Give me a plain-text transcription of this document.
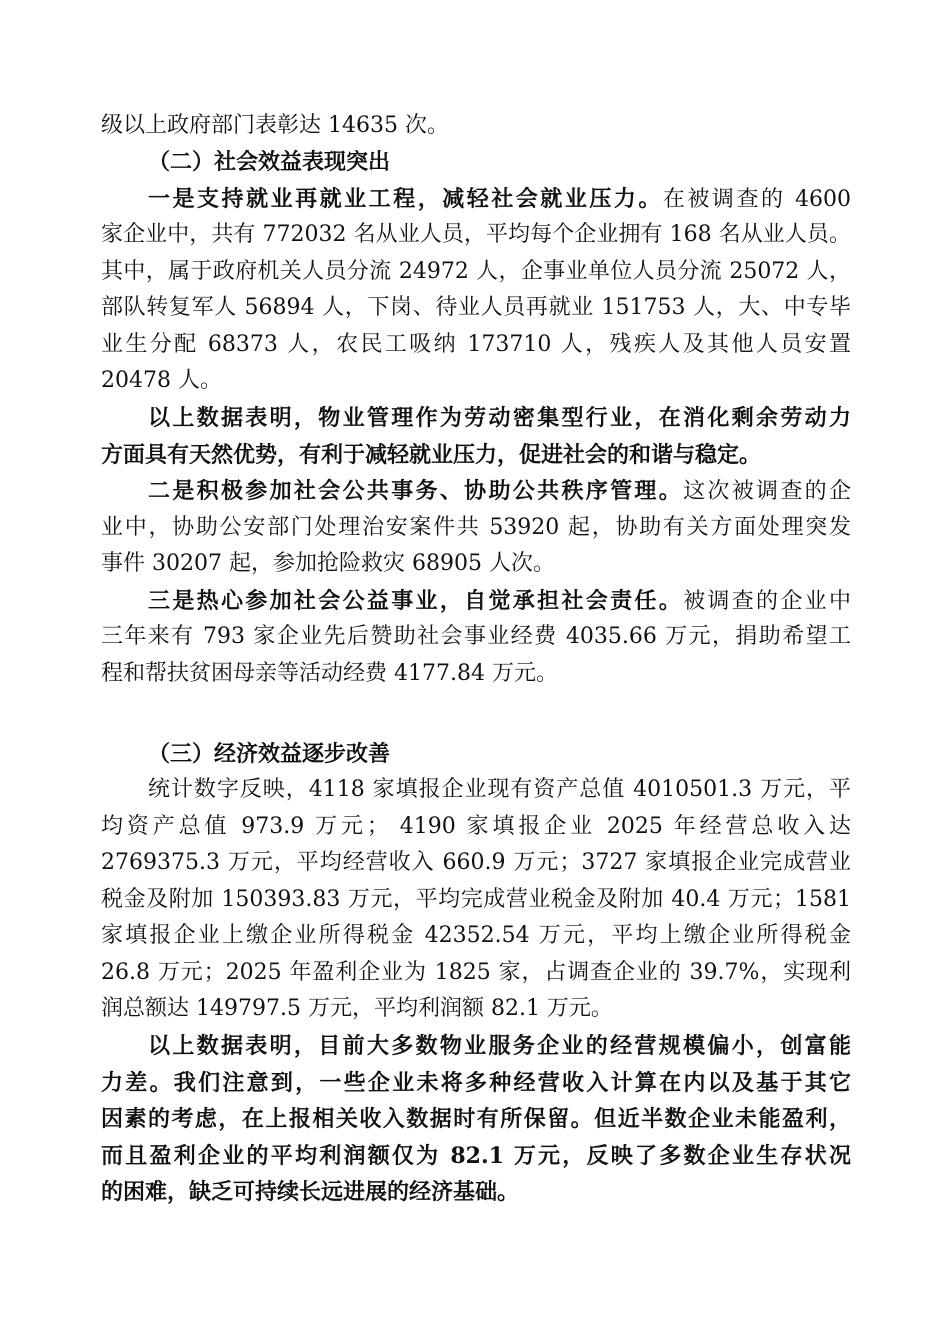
级以上政府部门表彰达 14635 次。
（二）社会效益表现突出
一是支持就业再就业工程，减轻社会就业压力。在被调查的 4600
家企业中，共有 772032 名从业人员，平均每个企业拥有 168 名从业人员。
其中，属于政府机关人员分流 24972 人，企事业单位人员分流 25072 人，
部队转复军人 56894 人，下岗、待业人员再就业 151753 人，大、中专毕
业生分配 68373 人，农民工吸纳 173710 人，残疾人及其他人员安置
20478 人。
以上数据表明，物业管理作为劳动密集型行业，在消化剩余劳动力
方面具有天然优势，有利于减轻就业压力，促进社会的和谐与稳定。
二是积极参加社会公共事务、协助公共秩序管理。这次被调查的企
业中，协助公安部门处理治安案件共 53920 起，协助有关方面处理突发
事件 30207 起，参加抢险救灾 68905 人次。
三是热心参加社会公益事业，自觉承担社会责任。被调查的企业中
三年来有 793 家企业先后赞助社会事业经费 4035.66 万元，捐助希望工
程和帮扶贫困母亲等活动经费 4177.84 万元。
（三）经济效益逐步改善
统计数字反映，4118 家填报企业现有资产总值 4010501.3 万元，平
均资产总值 973.9 万元； 4190 家填报企业 2025 年经营总收入达
2769375.3 万元，平均经营收入 660.9 万元；3727 家填报企业完成营业
税金及附加 150393.83 万元，平均完成营业税金及附加 40.4 万元；1581
家填报企业上缴企业所得税金 42352.54 万元，平均上缴企业所得税金
26.8 万元；2025 年盈利企业为 1825 家，占调查企业的 39.7%，实现利
润总额达 149797.5 万元，平均利润额 82.1 万元。
以上数据表明，目前大多数物业服务企业的经营规模偏小，创富能
力差。我们注意到，一些企业未将多种经营收入计算在内以及基于其它
因素的考虑，在上报相关收入数据时有所保留。但近半数企业未能盈利，
而且盈利企业的平均利润额仅为 82.1 万元，反映了多数企业生存状况
的困难，缺乏可持续长远进展的经济基础。
